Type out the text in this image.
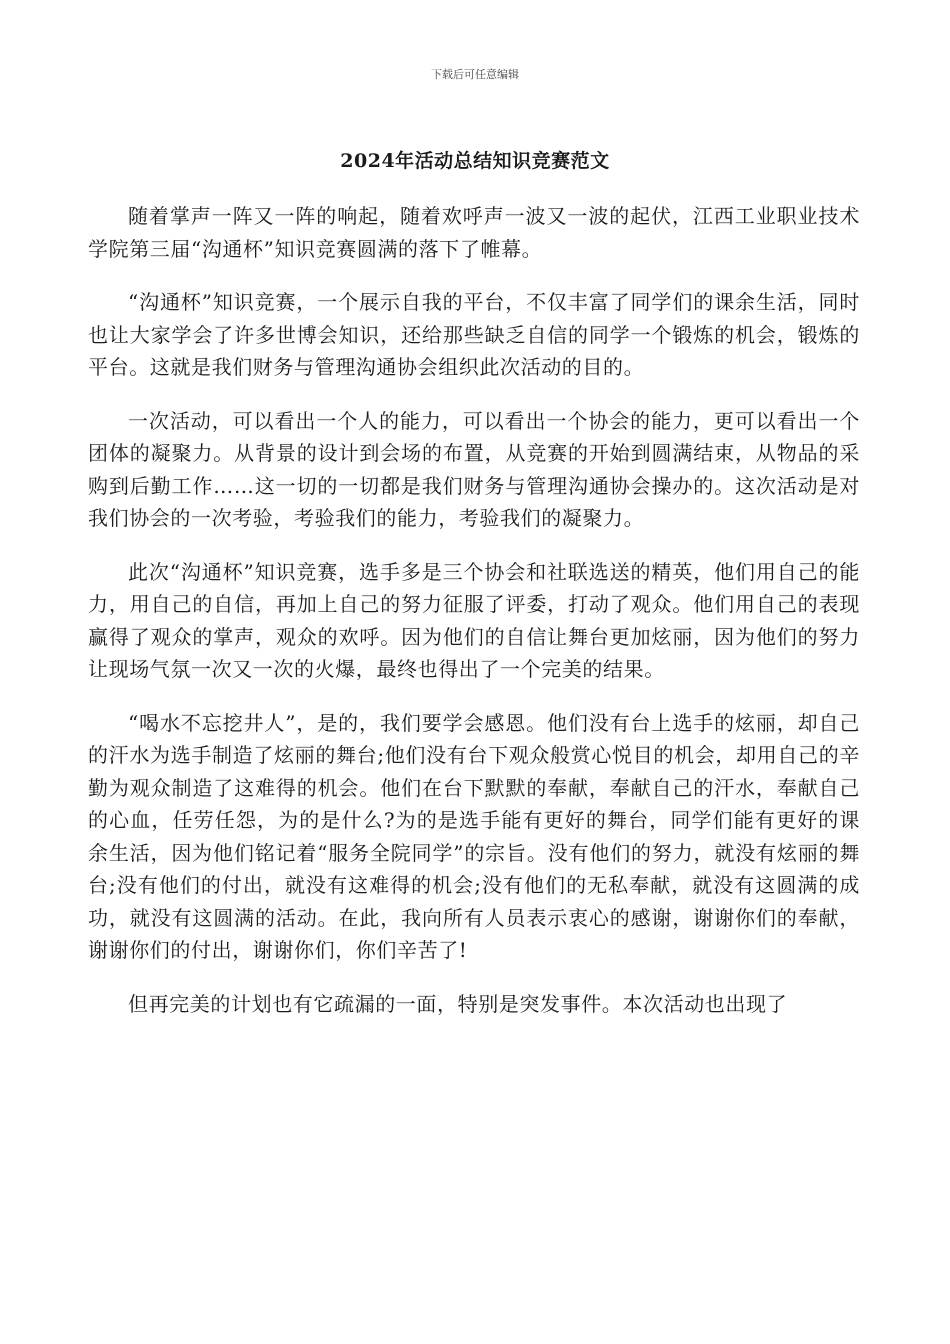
下载后可任意编辑
2024年活动总结知识竞赛范文

随着掌声一阵又一阵的响起，随着欢呼声一波又一波的起伏，江西工业职业技术学院第三届“沟通杯”知识竞赛圆满的落下了帷幕。

“沟通杯”知识竞赛，一个展示自我的平台，不仅丰富了同学们的课余生活，同时也让大家学会了许多世博会知识，还给那些缺乏自信的同学一个锻炼的机会，锻炼的平台。这就是我们财务与管理沟通协会组织此次活动的目的。

一次活动，可以看出一个人的能力，可以看出一个协会的能力，更可以看出一个团体的凝聚力。从背景的设计到会场的布置，从竞赛的开始到圆满结束，从物品的采购到后勤工作……这一切的一切都是我们财务与管理沟通协会操办的。这次活动是对我们协会的一次考验，考验我们的能力，考验我们的凝聚力。

此次“沟通杯”知识竞赛，选手多是三个协会和社联选送的精英，他们用自己的能力，用自己的自信，再加上自己的努力征服了评委，打动了观众。他们用自己的表现赢得了观众的掌声，观众的欢呼。因为他们的自信让舞台更加炫丽，因为他们的努力让现场气氛一次又一次的火爆，最终也得出了一个完美的结果。

“喝水不忘挖井人”，是的，我们要学会感恩。他们没有台上选手的炫丽，却自己的汗水为选手制造了炫丽的舞台;他们没有台下观众般赏心悦目的机会，却用自己的辛勤为观众制造了这难得的机会。他们在台下默默的奉献，奉献自己的汗水，奉献自己的心血，任劳任怨，为的是什么?为的是选手能有更好的舞台，同学们能有更好的课余生活，因为他们铭记着“服务全院同学”的宗旨。没有他们的努力，就没有炫丽的舞台;没有他们的付出，就没有这难得的机会;没有他们的无私奉献，就没有这圆满的成功，就没有这圆满的活动。在此，我向所有人员表示衷心的感谢，谢谢你们的奉献，谢谢你们的付出，谢谢你们，你们辛苦了!

但再完美的计划也有它疏漏的一面，特别是突发事件。本次活动也出现了
